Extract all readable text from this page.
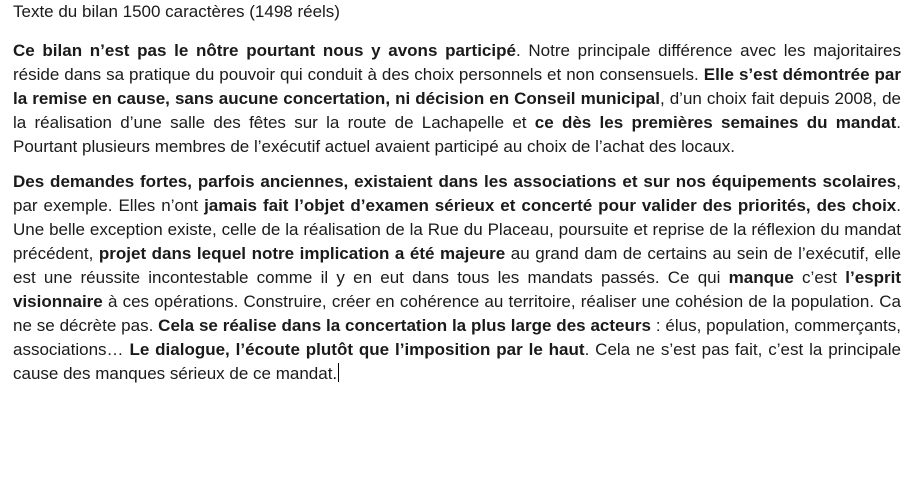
Texte du bilan 1500 caractères (1498 réels)

Ce bilan n’est pas le nôtre pourtant nous y avons participé. Notre principale différence avec les majoritaires réside dans sa pratique du pouvoir qui conduit à des choix personnels et non consensuels. Elle s’est démontrée par la remise en cause, sans aucune concertation, ni décision en Conseil municipal, d’un choix fait depuis 2008, de la réalisation d’une salle des fêtes sur la route de Lachapelle et ce dès les premières semaines du mandat. Pourtant plusieurs membres de l’exécutif actuel avaient participé au choix de l’achat des locaux.

Des demandes fortes, parfois anciennes, existaient dans les associations et sur nos équipements scolaires, par exemple. Elles n’ont jamais fait l’objet d’examen sérieux et concerté pour valider des priorités, des choix. Une belle exception existe, celle de la réalisation de la Rue du Placeau, poursuite et reprise de la réflexion du mandat précédent, projet dans lequel notre implication a été majeure au grand dam de certains au sein de l’exécutif, elle est une réussite incontestable comme il y en eut dans tous les mandats passés. Ce qui manque c’est l’esprit visionnaire à ces opérations. Construire, créer en cohérence au territoire, réaliser une cohésion de la population. Ca ne se décrète pas. Cela se réalise dans la concertation la plus large des acteurs : élus, population, commerçants, associations… Le dialogue, l’écoute plutôt que l’imposition par le haut. Cela ne s’est pas fait, c’est la principale cause des manques sérieux de ce mandat.
